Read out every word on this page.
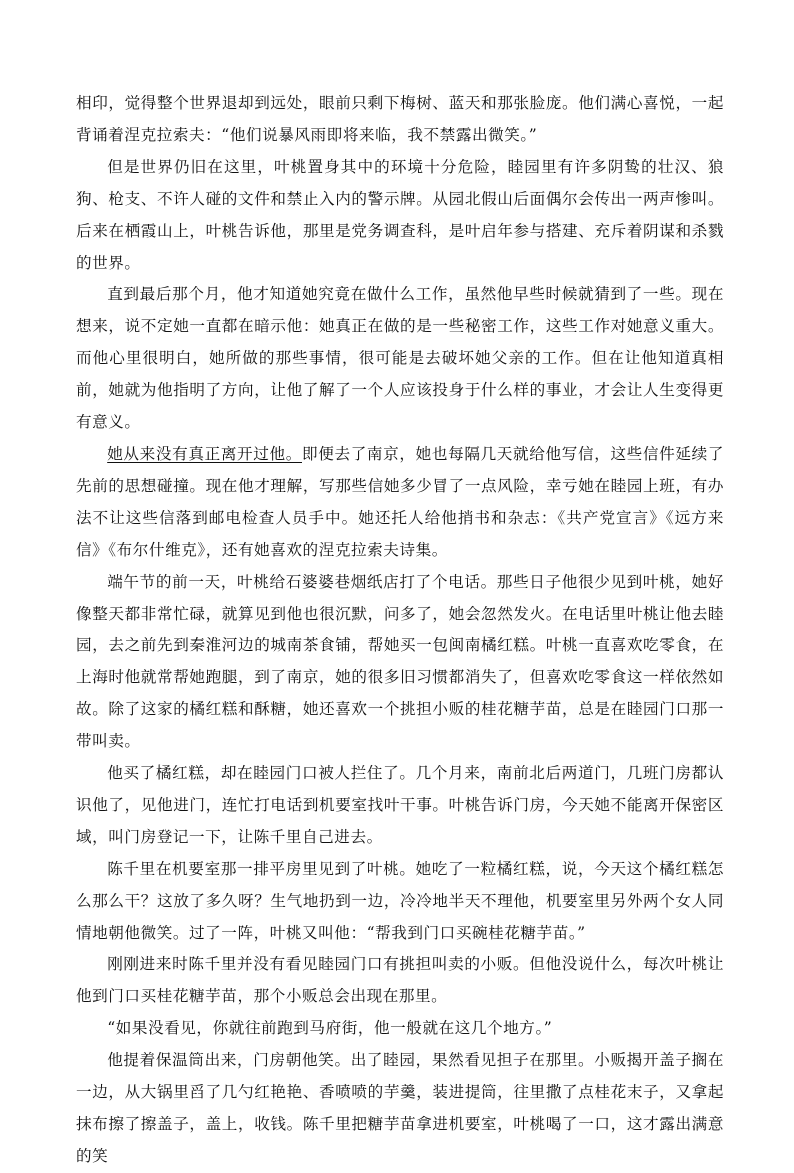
相印，觉得整个世界退却到远处，眼前只剩下梅树、蓝天和那张脸庞。他们满心喜悦，一起背诵着涅克拉索夫：“他们说暴风雨即将来临，我不禁露出微笑。”

但是世界仍旧在这里，叶桃置身其中的环境十分危险，睦园里有许多阴鸷的壮汉、狼狗、枪支、不许人碰的文件和禁止入内的警示牌。从园北假山后面偶尔会传出一两声惨叫。后来在栖霞山上，叶桃告诉他，那里是党务调查科，是叶启年参与搭建、充斥着阴谋和杀戮的世界。

直到最后那个月，他才知道她究竟在做什么工作，虽然他早些时候就猜到了一些。现在想来，说不定她一直都在暗示他：她真正在做的是一些秘密工作，这些工作对她意义重大。而他心里很明白，她所做的那些事情，很可能是去破坏她父亲的工作。但在让他知道真相前，她就为他指明了方向，让他了解了一个人应该投身于什么样的事业，才会让人生变得更有意义。

她从来没有真正离开过他。即便去了南京，她也每隔几天就给他写信，这些信件延续了先前的思想碰撞。现在他才理解，写那些信她多少冒了一点风险，幸亏她在睦园上班，有办法不让这些信落到邮电检查人员手中。她还托人给他捎书和杂志：《共产党宣言》《远方来信》《布尔什维克》，还有她喜欢的涅克拉索夫诗集。

端午节的前一天，叶桃给石婆婆巷烟纸店打了个电话。那些日子他很少见到叶桃，她好像整天都非常忙碌，就算见到他也很沉默，问多了，她会忽然发火。在电话里叶桃让他去睦园，去之前先到秦淮河边的城南茶食铺，帮她买一包闽南橘红糕。叶桃一直喜欢吃零食，在上海时他就常帮她跑腿，到了南京，她的很多旧习惯都消失了，但喜欢吃零食这一样依然如故。除了这家的橘红糕和酥糖，她还喜欢一个挑担小贩的桂花糖芋苗，总是在睦园门口那一带叫卖。

他买了橘红糕，却在睦园门口被人拦住了。几个月来，南前北后两道门，几班门房都认识他了，见他进门，连忙打电话到机要室找叶干事。叶桃告诉门房，今天她不能离开保密区域，叫门房登记一下，让陈千里自己进去。

陈千里在机要室那一排平房里见到了叶桃。她吃了一粒橘红糕，说，今天这个橘红糕怎么那么干？这放了多久呀？生气地扔到一边，冷冷地半天不理他，机要室里另外两个女人同情地朝他微笑。过了一阵，叶桃又叫他：“帮我到门口买碗桂花糖芋苗。”

刚刚进来时陈千里并没有看见睦园门口有挑担叫卖的小贩。但他没说什么，每次叶桃让他到门口买桂花糖芋苗，那个小贩总会出现在那里。

“如果没看见，你就往前跑到马府街，他一般就在这几个地方。”

他提着保温筒出来，门房朝他笑。出了睦园，果然看见担子在那里。小贩揭开盖子搁在一边，从大锅里舀了几勺红艳艳、香喷喷的芋羹，装进提筒，往里撒了点桂花末子，又拿起抹布擦了擦盖子，盖上，收钱。陈千里把糖芋苗拿进机要室，叶桃喝了一口，这才露出满意的笑
